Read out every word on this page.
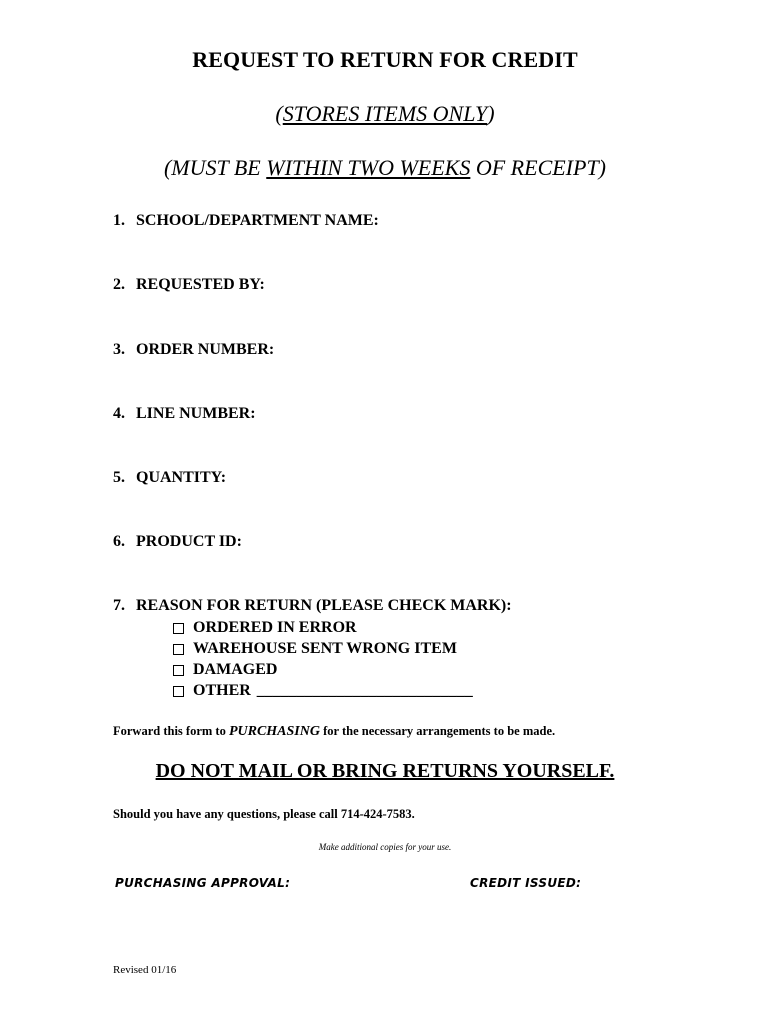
REQUEST TO RETURN FOR CREDIT
(STORES ITEMS ONLY)
(MUST BE WITHIN TWO WEEKS OF RECEIPT)
1. SCHOOL/DEPARTMENT NAME:
2. REQUESTED BY:
3. ORDER NUMBER:
4. LINE NUMBER:
5. QUANTITY:
6. PRODUCT ID:
7. REASON FOR RETURN (PLEASE CHECK MARK):
ORDERED IN ERROR
WAREHOUSE SENT WRONG ITEM
DAMAGED
OTHER ___________________________
Forward this form to PURCHASING for the necessary arrangements to be made.
DO NOT MAIL OR BRING RETURNS YOURSELF.
Should you have any questions, please call 714-424-7583.
Make additional copies for your use.
PURCHASING APPROVAL:	CREDIT ISSUED:
Revised 01/16
